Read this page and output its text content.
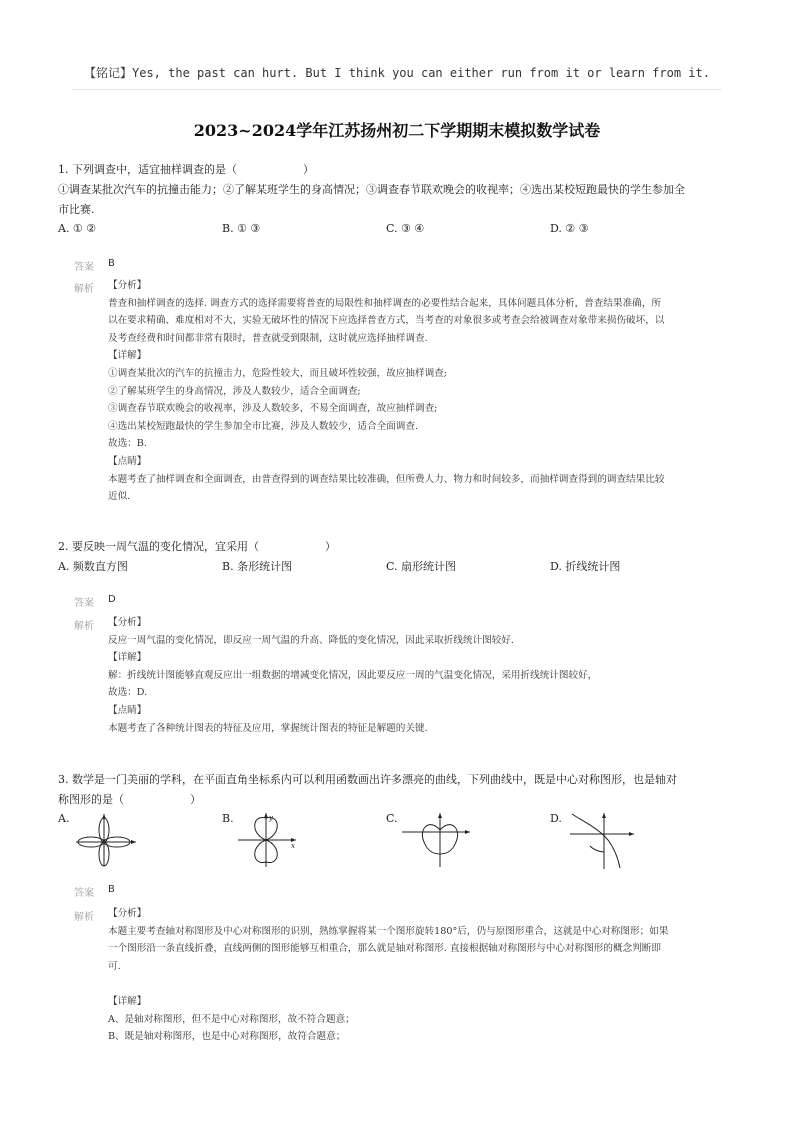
【铭记】Yes, the past can hurt. But I think you can either run from it or learn from it.
2023~2024学年江苏扬州初二下学期期末模拟数学试卷
1. 下列调查中，适宜抽样调查的是（　　　　　　）
①调查某批次汽车的抗撞击能力；②了解某班学生的身高情况；③调查春节联欢晚会的收视率；④选出某校短跑最快的学生参加全
市比赛.
A. ① ②	B. ① ③	C. ③ ④	D. ② ③
答案 B
解析 【分析】
普查和抽样调查的选择. 调查方式的选择需要将普查的局限性和抽样调查的必要性结合起来，具体问题具体分析，普查结果准确，所
以在要求精确、难度相对不大，实验无破坏性的情况下应选择普查方式，当考查的对象很多或考查会给被调查对象带来损伤破坏，以
及考查经费和时间都非常有限时，普查就受到限制，这时就应选择抽样调查.
【详解】
①调查某批次的汽车的抗撞击力，危险性较大，而且破坏性较强，故应抽样调查;
②了解某班学生的身高情况，涉及人数较少，适合全面调查;
③调查春节联欢晚会的收视率，涉及人数较多，不易全面调查，故应抽样调查;
④选出某校短跑最快的学生参加全市比赛，涉及人数较少，适合全面调查.
故选：B.
【点睛】
本题考查了抽样调查和全面调查，由普查得到的调查结果比较准确，但所费人力、物力和时间较多，而抽样调查得到的调查结果比较
近似.
2. 要反映一周气温的变化情况，宜采用（　　　　　　）
A. 频数直方图	B. 条形统计图	C. 扇形统计图	D. 折线统计图
答案 D
解析 【分析】
反应一周气温的变化情况，即反应一周气温的升高、降低的变化情况，因此采取折线统计图较好.
【详解】
解：折线统计图能够直观反应出一组数据的增减变化情况，因此要反应一周的气温变化情况，采用折线统计图较好，
故选：D.
【点睛】
本题考查了各种统计图表的特征及应用，掌握统计图表的特征是解题的关键.
3. 数学是一门美丽的学科，在平面直角坐标系内可以利用函数画出许多漂亮的曲线，下列曲线中，既是中心对称图形，也是轴对
称图形的是（　　　　　　）
A.	B.	y
x
C.	D.
答案 B
解析 【分析】
本题主要考查轴对称图形及中心对称图形的识别，熟练掌握将某一个图形旋转180°后，仍与原图形重合，这就是中心对称图形；如果
一个图形沿一条直线折叠，直线两侧的图形能够互相重合，那么就是轴对称图形. 直接根据轴对称图形与中心对称图形的概念判断即
可.
【详解】
A、是轴对称图形，但不是中心对称图形，故不符合题意；
B、既是轴对称图形，也是中心对称图形，故符合题意；
